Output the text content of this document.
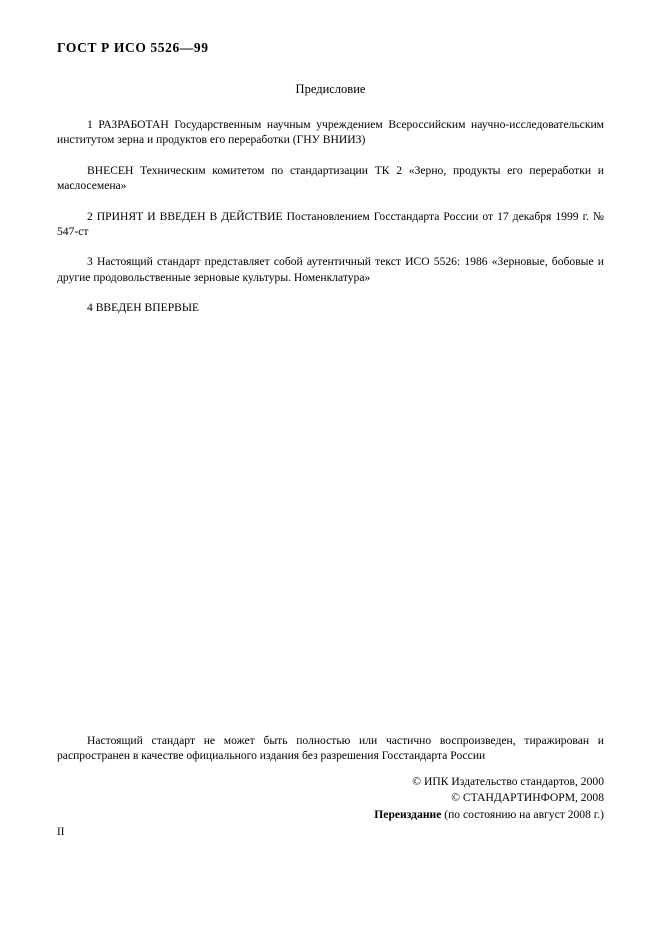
ГОСТ Р ИСО 5526—99
Предисловие

1 РАЗРАБОТАН Государственным научным учреждением Всероссийским научно-исследовательским институтом зерна и продуктов его переработки (ГНУ ВНИИЗ)

ВНЕСЕН Техническим комитетом по стандартизации ТК 2 «Зерно, продукты его переработки и маслосемена»

2 ПРИНЯТ И ВВЕДЕН В ДЕЙСТВИЕ Постановлением Госстандарта России от 17 декабря 1999 г. № 547-ст

3 Настоящий стандарт представляет собой аутентичный текст ИСО 5526: 1986 «Зерновые, бобовые и другие продовольственные зерновые культуры. Номенклатура»

4 ВВЕДЕН ВПЕРВЫЕ

Настоящий стандарт не может быть полностью или частично воспроизведен, тиражирован и распространен в качестве официального издания без разрешения Госстандарта России
© ИПК Издательство стандартов, 2000
© СТАНДАРТИНФОРМ, 2008
Переиздание (по состоянию на август 2008 г.)
II
